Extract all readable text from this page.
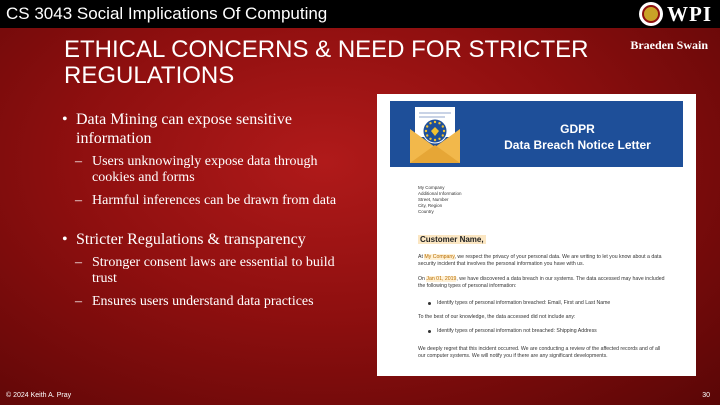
CS 3043 Social Implications Of Computing	WPI
Braeden Swain
ETHICAL CONCERNS & NEED FOR STRICTER REGULATIONS
• Data Mining can expose sensitive information
– Users unknowingly expose data through cookies and forms
– Harmful inferences can be drawn from data
• Stricter Regulations & transparency
– Stronger consent laws are essential to build trust
– Ensures users understand data practices
GDPR
Data Breach Notice Letter
My Company
Additional Information
Street, Number
City, Region
Country
Customer Name,

At My Company, we respect the privacy of your personal data. We are writing to let you know about a data security incident that involves the personal information you have with us.

On Jan 01, 2019, we have discovered a data breach in our systems. The data accessed may have included the following types of personal information:

Identify types of personal information breached: Email, First and Last Name

To the best of our knowledge, the data accessed did not include any:

Identify types of personal information not breached: Shipping Address

We deeply regret that this incident occurred. We are conducting a review of the affected records and of all our computer systems. We will notify you if there are any significant developments.

© 2024 Keith A. Pray	30
